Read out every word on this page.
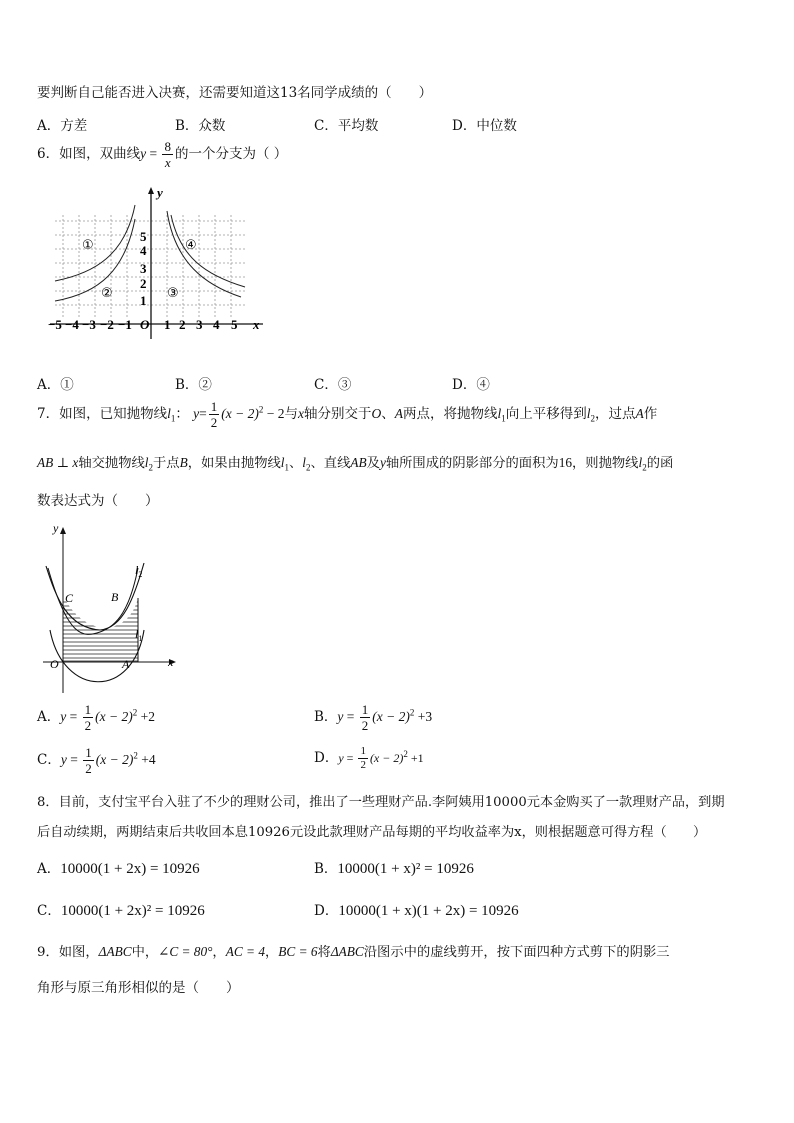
要判断自己能否进入决赛，还需要知道这13名同学成绩的（　　）
A．方差	B．众数	C．平均数	D．中位数
6．如图，双曲线$y = \frac{8}{x}$ 的一个分支为（ ）
y
x
O
−5 −4 −3 −2 −1 1 2 3 4 5
5
4
3
2
1
①
②	③
④
A．①	B．②	C．③	D．④
7．如图，已知抛物线$l_1$： $y= \frac{1}{2} (x - 2)^2 - 2$与x轴分别交于O、A两点，将抛物线$l_1$向上平移得到$l_2$，过点A作
AB ⊥ x轴交抛物线$l_2$于点B，如果由抛物线$l_1$、$l_2$、直线AB及y轴所围成的阴影部分的面积为16，则抛物线$l_2$的函
数表达式为（　　）
y
x
O	A
B
C
$l_2$
$l_1$
A．$y = \frac{1}{2} (x - 2)^2 +2$	B．$y = \frac{1}{2} (x - 2)^2 +3$
C．$y = \frac{1}{2} (x - 2)^2 +4$	D．$y = \frac{1}{2} (x - 2)^2 +1$
8．目前，支付宝平台入驻了不少的理财公司，推出了一些理财产品.李阿姨用10000元本金购买了一款理财产品，到期
后自动续期，两期结束后共收回本息10926元设此款理财产品每期的平均收益率为x，则根据题意可得方程（　　）
A．10000(1 + 2x) = 10926	B．10000(1 + x)² = 10926
C．10000(1 + 2x)² = 10926	D．10000(1 + x)(1 + 2x) = 10926
9．如图，ΔABC中，∠C = 80°，AC = 4，BC = 6将ΔABC沿图示中的虚线剪开，按下面四种方式剪下的阴影三
角形与原三角形相似的是（　　）
